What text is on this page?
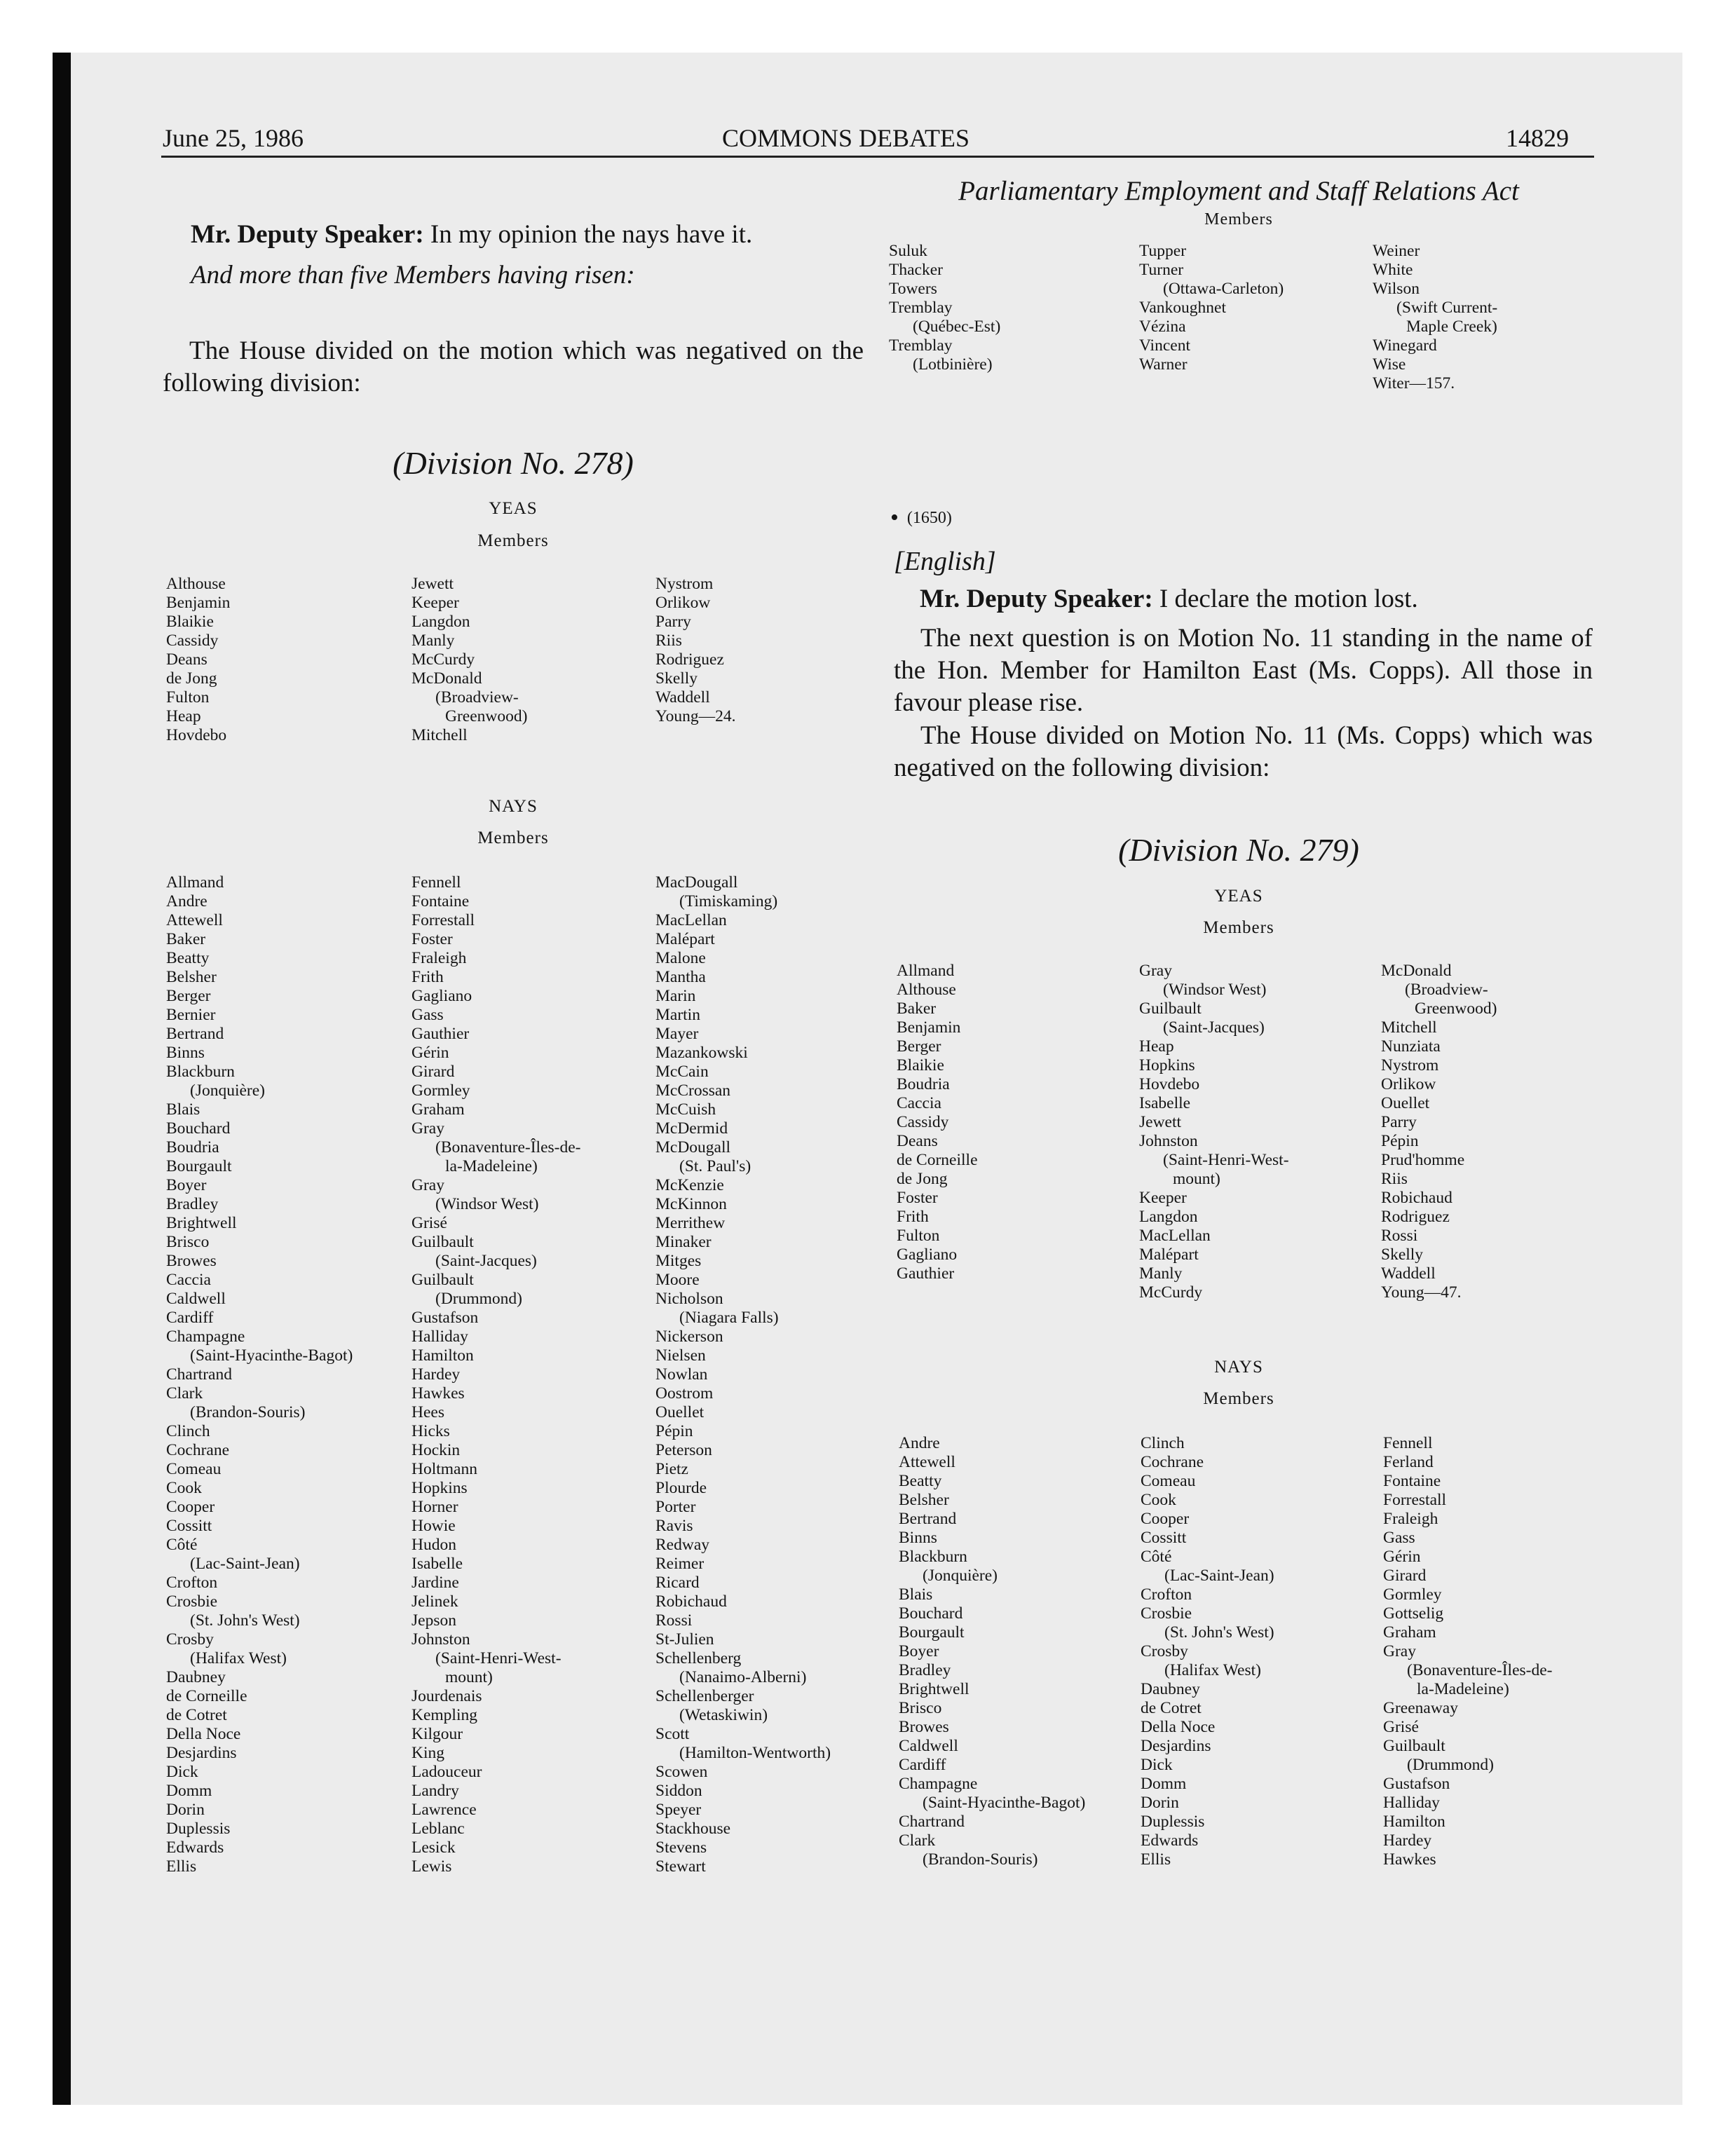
June 25, 1986	COMMONS DEBATES	14829
Mr. Deputy Speaker: In my opinion the nays have it.
And more than five Members having risen:
The House divided on the motion which was negatived on the following division:
(Division No. 278)
YEAS
Members
Althouse
Benjamin
Blaikie
Cassidy
Deans
de Jong
Fulton
Heap
Hovdebo
Jewett
Keeper
Langdon
Manly
McCurdy
McDonald
(Broadview-
Greenwood)
Mitchell
Nystrom
Orlikow
Parry
Riis
Rodriguez
Skelly
Waddell
Young—24.
NAYS
Members
Allmand
Andre
Attewell
Baker
Beatty
Belsher
Berger
Bernier
Bertrand
Binns
Blackburn
(Jonquière)
Blais
Bouchard
Boudria
Bourgault
Boyer
Bradley
Brightwell
Brisco
Browes
Caccia
Caldwell
Cardiff
Champagne
(Saint-Hyacinthe-Bagot)
Chartrand
Clark
(Brandon-Souris)
Clinch
Cochrane
Comeau
Cook
Cooper
Cossitt
Côté
(Lac-Saint-Jean)
Crofton
Crosbie
(St. John's West)
Crosby
(Halifax West)
Daubney
de Corneille
de Cotret
Della Noce
Desjardins
Dick
Domm
Dorin
Duplessis
Edwards
Ellis
Fennell
Fontaine
Forrestall
Foster
Fraleigh
Frith
Gagliano
Gass
Gauthier
Gérin
Girard
Gormley
Graham
Gray
(Bonaventure-Îles-de-
la-Madeleine)
Gray
(Windsor West)
Grisé
Guilbault
(Saint-Jacques)
Guilbault
(Drummond)
Gustafson
Halliday
Hamilton
Hardey
Hawkes
Hees
Hicks
Hockin
Holtmann
Hopkins
Horner
Howie
Hudon
Isabelle
Jardine
Jelinek
Jepson
Johnston
(Saint-Henri-West-
mount)
Jourdenais
Kempling
Kilgour
King
Ladouceur
Landry
Lawrence
Leblanc
Lesick
Lewis
MacDougall
(Timiskaming)
MacLellan
Malépart
Malone
Mantha
Marin
Martin
Mayer
Mazankowski
McCain
McCrossan
McCuish
McDermid
McDougall
(St. Paul's)
McKenzie
McKinnon
Merrithew
Minaker
Mitges
Moore
Nicholson
(Niagara Falls)
Nickerson
Nielsen
Nowlan
Oostrom
Ouellet
Pépin
Peterson
Pietz
Plourde
Porter
Ravis
Redway
Reimer
Ricard
Robichaud
Rossi
St-Julien
Schellenberg
(Nanaimo-Alberni)
Schellenberger
(Wetaskiwin)
Scott
(Hamilton-Wentworth)
Scowen
Siddon
Speyer
Stackhouse
Stevens
Stewart
Parliamentary Employment and Staff Relations Act
Members
Suluk
Thacker
Towers
Tremblay
(Québec-Est)
Tremblay
(Lotbinière)
Tupper
Turner
(Ottawa-Carleton)
Vankoughnet
Vézina
Vincent
Warner
Weiner
White
Wilson
(Swift Current-
Maple Creek)
Winegard
Wise
Witer—157.
• (1650)
[English]
Mr. Deputy Speaker: I declare the motion lost.
The next question is on Motion No. 11 standing in the name of the Hon. Member for Hamilton East (Ms. Copps). All those in favour please rise.
The House divided on Motion No. 11 (Ms. Copps) which was negatived on the following division:
(Division No. 279)
YEAS
Members
Allmand
Althouse
Baker
Benjamin
Berger
Blaikie
Boudria
Caccia
Cassidy
Deans
de Corneille
de Jong
Foster
Frith
Fulton
Gagliano
Gauthier
Gray
(Windsor West)
Guilbault
(Saint-Jacques)
Heap
Hopkins
Hovdebo
Isabelle
Jewett
Johnston
(Saint-Henri-West-
mount)
Keeper
Langdon
MacLellan
Malépart
Manly
McCurdy
McDonald
(Broadview-
Greenwood)
Mitchell
Nunziata
Nystrom
Orlikow
Ouellet
Parry
Pépin
Prud'homme
Riis
Robichaud
Rodriguez
Rossi
Skelly
Waddell
Young—47.
NAYS
Members
Andre
Attewell
Beatty
Belsher
Bertrand
Binns
Blackburn
(Jonquière)
Blais
Bouchard
Bourgault
Boyer
Bradley
Brightwell
Brisco
Browes
Caldwell
Cardiff
Champagne
(Saint-Hyacinthe-Bagot)
Chartrand
Clark
(Brandon-Souris)
Clinch
Cochrane
Comeau
Cook
Cooper
Cossitt
Côté
(Lac-Saint-Jean)
Crofton
Crosbie
(St. John's West)
Crosby
(Halifax West)
Daubney
de Cotret
Della Noce
Desjardins
Dick
Domm
Dorin
Duplessis
Edwards
Ellis
Fennell
Ferland
Fontaine
Forrestall
Fraleigh
Gass
Gérin
Girard
Gormley
Gottselig
Graham
Gray
(Bonaventure-Îles-de-
la-Madeleine)
Greenaway
Grisé
Guilbault
(Drummond)
Gustafson
Halliday
Hamilton
Hardey
Hawkes
